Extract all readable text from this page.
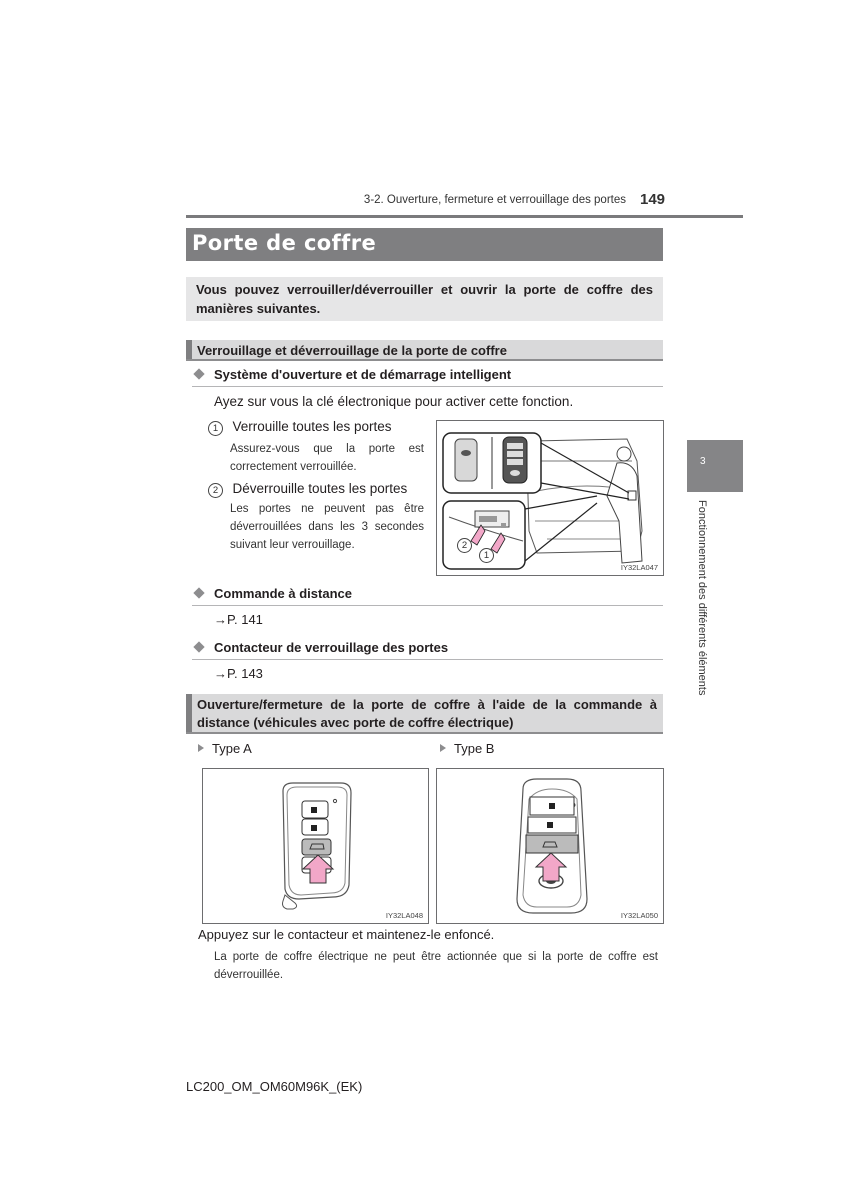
3-2. Ouverture, fermeture et verrouillage des portes 149
3
Fonctionnement des différents éléments
Porte de coffre

Vous pouvez verrouiller/déverrouiller et ouvrir la porte de coffre des manières suivantes.

Verrouillage et déverrouillage de la porte de coffre
Système d'ouverture et de démarrage intelligent
Ayez sur vous la clé électronique pour activer cette fonction.
1 Verrouille toutes les portes
Assurez-vous que la porte est correctement verrouillée.
2 Déverrouille toutes les portes
Les portes ne peuvent pas être déverrouillées dans les 3 secondes suivant leur verrouillage.	2
1
IY32LA047
Commande à distance
→P. 141
Contacteur de verrouillage des portes
→P. 143
Ouverture/fermeture de la porte de coffre à l'aide de la commande à distance (véhicules avec porte de coffre électrique)
Type A	Type B
IY32LA048	IY32LA050
Appuyez sur le contacteur et maintenez-le enfoncé.
La porte de coffre électrique ne peut être actionnée que si la porte de coffre est déverrouillée.
LC200_OM_OM60M96K_(EK)
